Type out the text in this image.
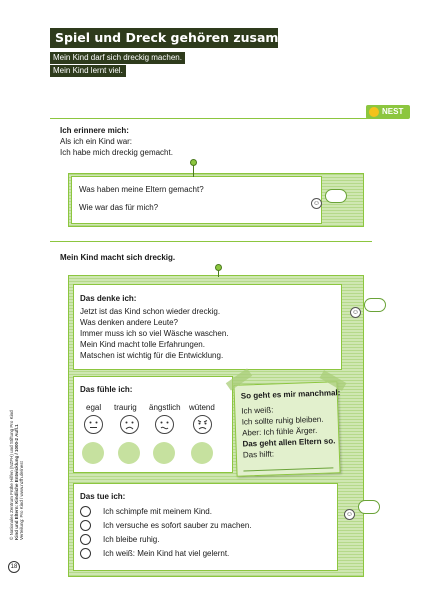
Spiel und Dreck gehören zusammen
Mein Kind darf sich dreckig machen.
Mein Kind lernt viel.
NEST
Ich erinnere mich:
Als ich ein Kind war:
Ich habe mich dreckig gemacht.
Was haben meine Eltern gemacht?
Wie war das für mich?	☺
Mein Kind macht sich dreckig.
Das denke ich:
Jetzt ist das Kind schon wieder dreckig.
Was denken andere Leute?
Immer muss ich so viel Wäsche waschen.
Mein Kind macht tolle Erfahrungen.
Matschen ist wichtig für die Entwicklung.
☺
Das fühle ich:
egal traurig ängstlich wütend
So geht es mir manchmal:
Ich weiß:
Ich sollte ruhig bleiben.
Aber: Ich fühle Ärger.
Das geht allen Eltern so.
Das hilft:
Das tue ich:
Ich schimpfe mit meinem Kind.
Ich versuche es sofort sauber zu machen.
Ich bleibe ruhig.
Ich weiß: Mein Kind hat viel gelernt.
☺
© Nationales Zentrum Frühe Hilfen (NZFH) und Stiftung Pro Kind Kind und Eltern: Kindliche Entwicklung / 1000-2 Aufl.1 Verteilung: Pro Kind / www.nzfh.de/nest
18
